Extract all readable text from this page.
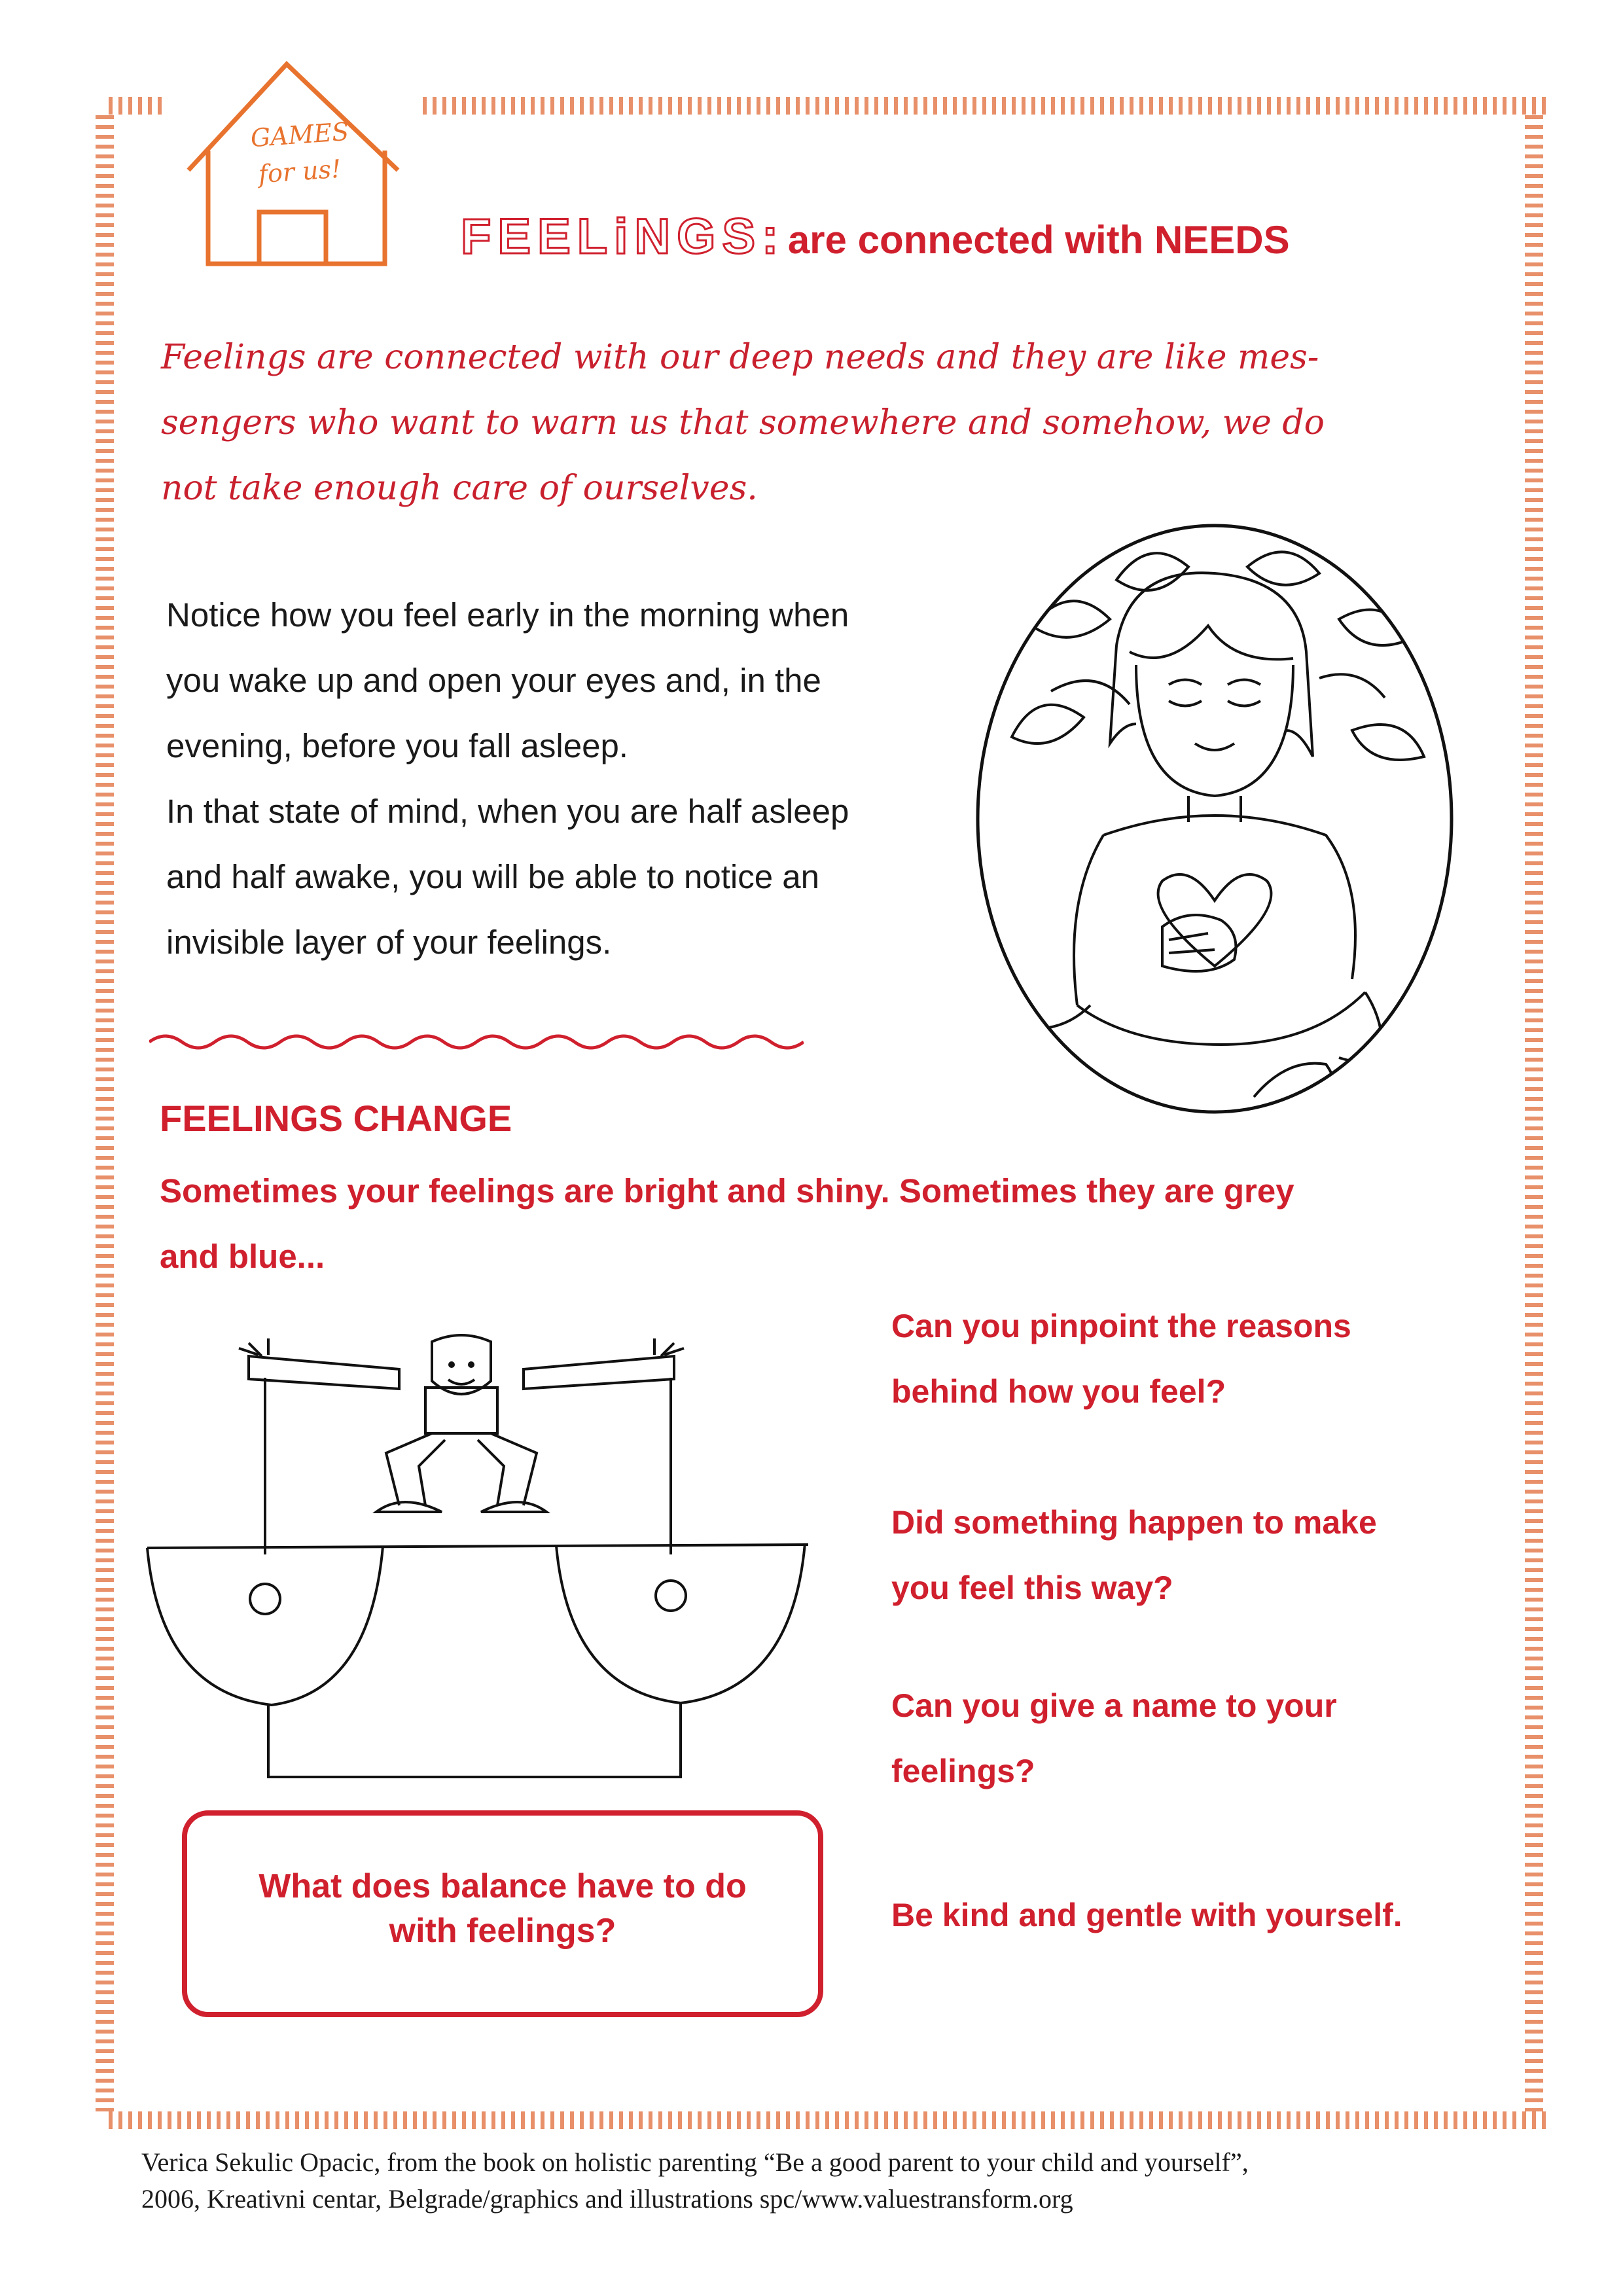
GAMES
for us!
FEELiNGS: are connected with NEEDS
Feelings are connected with our deep needs and they are like mes-
sengers who want to warn us that somewhere and somehow, we do
not take enough care of ourselves.
Notice how you feel early in the morning when
you wake up and open your eyes and, in the
evening, before you fall asleep.
In that state of mind, when you are half asleep
and half awake, you will be able to notice an
invisible layer of your feelings.
FEELINGS CHANGE
Sometimes your feelings are bright and shiny. Sometimes they are grey
and blue...
Can you pinpoint the reasons
behind how you feel?
Did something happen to make
you feel this way?
Can you give a name to your
feelings?
Be kind and gentle with yourself.
What does balance have to do
with feelings?
Verica Sekulic Opacic, from the book on holistic parenting “Be a good parent to your child and yourself”,
2006, Kreativni centar, Belgrade/graphics and illustrations spc/www.valuestransform.org
